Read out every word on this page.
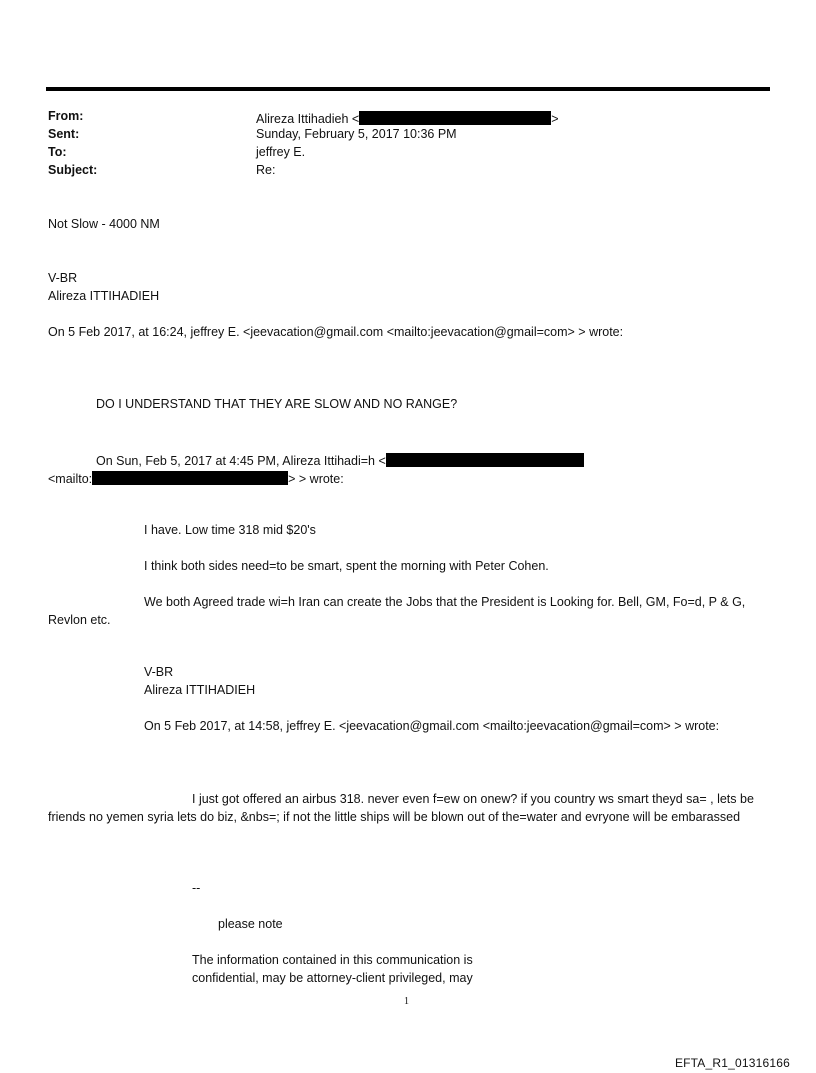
From:	Alireza Ittihadieh <	>
Sent:	Sunday, February 5, 2017 10:36 PM
To:	jeffrey E.
Subject:	Re:
Not Slow - 4000 NM
V-BR
Alireza ITTIHADIEH
On 5 Feb 2017, at 16:24, jeffrey E. <jeevacation@gmail.com <mailto:jeevacation@gmail=com> > wrote:
DO I UNDERSTAND THAT THEY ARE SLOW AND NO RANGE?
On Sun, Feb 5, 2017 at 4:45 PM, Alireza Ittihadi=h <
<mailto:	> > wrote:
I have. Low time 318 mid $20's
I think both sides need=to be smart, spent the morning with Peter Cohen.
We both Agreed trade wi=h Iran can create the Jobs that the President is Looking for. Bell, GM, Fo=d, P & G, Revlon etc.
V-BR
Alireza ITTIHADIEH
On 5 Feb 2017, at 14:58, jeffrey E. <jeevacation@gmail.com <mailto:jeevacation@gmail=com> > wrote:
I just got offered an airbus 318. never even f=ew on onew? if you country ws smart theyd sa= , lets be friends no yemen syria lets do biz, &nbs=; if not the little ships will be blown out of the=water and evryone will be embarassed
--
please note
The information contained in this communication is
confidential, may be attorney-client privileged, may
1
EFTA_R1_01316166
